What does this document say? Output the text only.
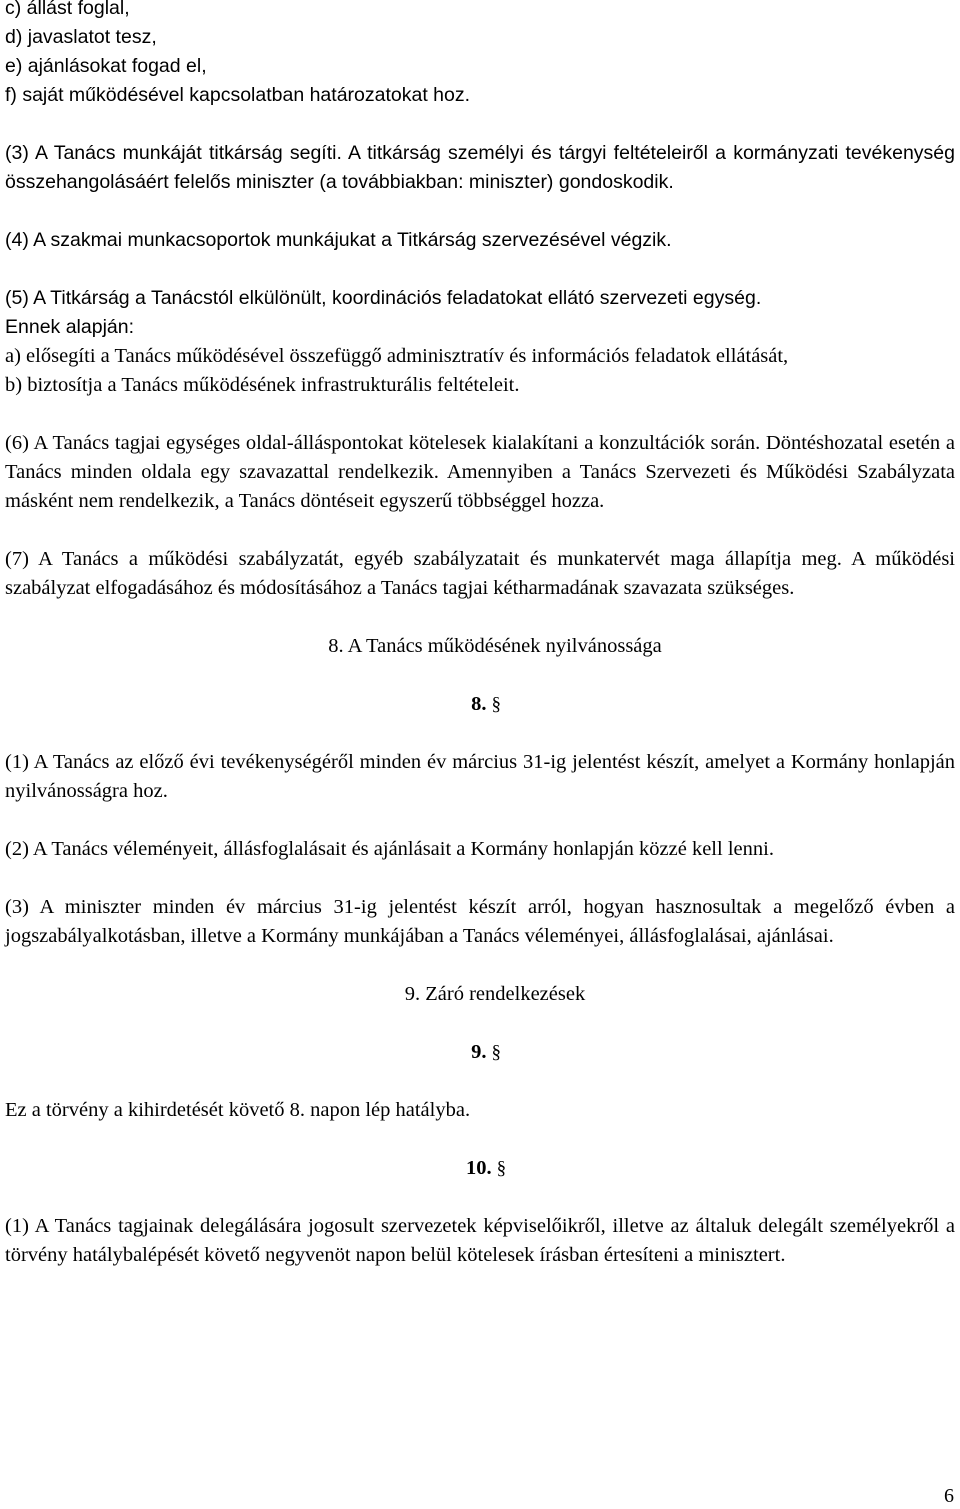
c) állást foglal,
d) javaslatot tesz,
e) ajánlásokat fogad el,
f) saját működésével kapcsolatban határozatokat hoz.

(3) A Tanács munkáját titkárság segíti. A titkárság személyi és tárgyi feltételeiről a kormányzati tevékenység összehangolásáért felelős miniszter (a továbbiakban: miniszter) gondoskodik.

(4) A szakmai munkacsoportok munkájukat a Titkárság szervezésével végzik.

(5) A Titkárság a Tanácstól elkülönült, koordinációs feladatokat ellátó szervezeti egység.

Ennek alapján:

a) elősegíti a Tanács működésével összefüggő adminisztratív és információs feladatok ellátását,

b) biztosítja a Tanács működésének infrastrukturális feltételeit.

(6) A Tanács tagjai egységes oldal-álláspontokat kötelesek kialakítani a konzultációk során. Döntéshozatal esetén a Tanács minden oldala egy szavazattal rendelkezik. Amennyiben a Tanács Szervezeti és Működési Szabályzata másként nem rendelkezik, a Tanács döntéseit egyszerű többséggel hozza.

(7) A Tanács a működési szabályzatát, egyéb szabályzatait és munkatervét maga állapítja meg. A működési szabályzat elfogadásához és módosításához a Tanács tagjai kétharmadának szavazata szükséges.

8. A Tanács működésének nyilvánossága

8. §

(1) A Tanács az előző évi tevékenységéről minden év március 31-ig jelentést készít, amelyet a Kormány honlapján nyilvánosságra hoz.

(2) A Tanács véleményeit, állásfoglalásait és ajánlásait a Kormány honlapján közzé kell lenni.

(3) A miniszter minden év március 31-ig jelentést készít arról, hogyan hasznosultak a megelőző évben a jogszabályalkotásban, illetve a Kormány munkájában a Tanács véleményei, állásfoglalásai, ajánlásai.

9. Záró rendelkezések

9. §

Ez a törvény a kihirdetését követő 8. napon lép hatályba.

10. §

(1) A Tanács tagjainak delegálására jogosult szervezetek képviselőikről, illetve az általuk delegált személyekről a törvény hatálybalépését követő negyvenöt napon belül kötelesek írásban értesíteni a minisztert.

6
